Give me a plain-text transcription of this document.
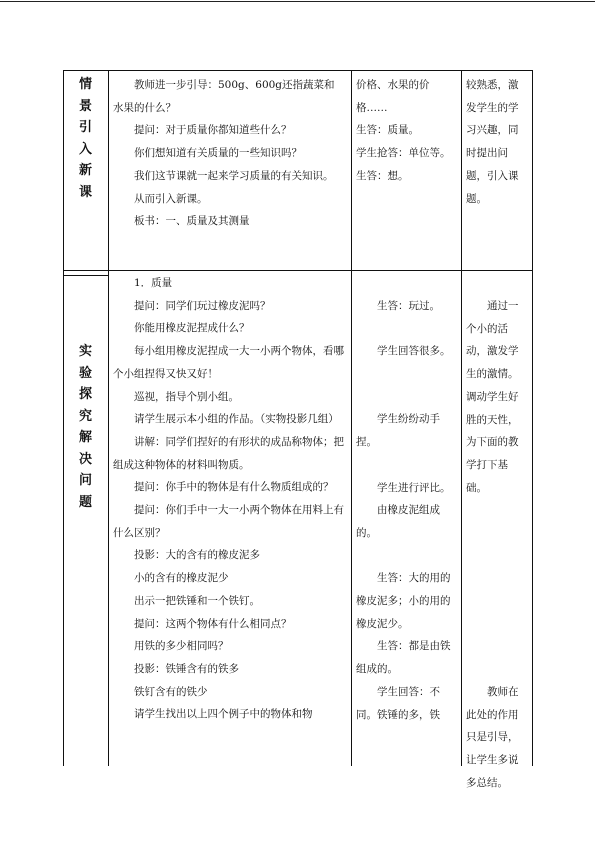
情
景
引
入
新
课

教师进一步引导：500g、600g还指蔬菜和水果的什么？

提问：对于质量你都知道些什么？

你们想知道有关质量的一些知识吗？

我们这节课就一起来学习质量的有关知识。

从而引入新课。

板书：一、质量及其测量

价格、水果的价格……

生答：质量。

学生抢答：单位等。

生答：想。

较熟悉，激发学生的学习兴趣，同时提出问题，引入课题。

实
验
探
究
解
决
问
题

1．质量

提问：同学们玩过橡皮泥吗？

你能用橡皮泥捏成什么？

每小组用橡皮泥捏成一大一小两个物体，看哪个小组捏得又快又好！

巡视，指导个别小组。

请学生展示本小组的作品。（实物投影几组）

讲解：同学们捏好的有形状的成品称物体；把组成这种物体的材料叫物质。

提问：你手中的物体是有什么物质组成的？

提问：你们手中一大一小两个物体在用料上有什么区别？

投影：大的含有的橡皮泥多

小的含有的橡皮泥少

出示一把铁锤和一个铁钉。

提问：这两个物体有什么相同点？

用铁的多少相同吗？

投影：铁锤含有的铁多

铁钉含有的铁少

请学生找出以上四个例子中的物体和物

生答：玩过。

学生回答很多。

学生纷纷动手捏。

学生进行评比。

由橡皮泥组成的。

生答：大的用的橡皮泥多；小的用的橡皮泥少。

生答：都是由铁组成的。

学生回答：不同。铁锤的多，铁

通过一个小的活动，激发学生的激情。调动学生好胜的天性，为下面的教学打下基础。

教师在此处的作用只是引导，让学生多说多总结。
